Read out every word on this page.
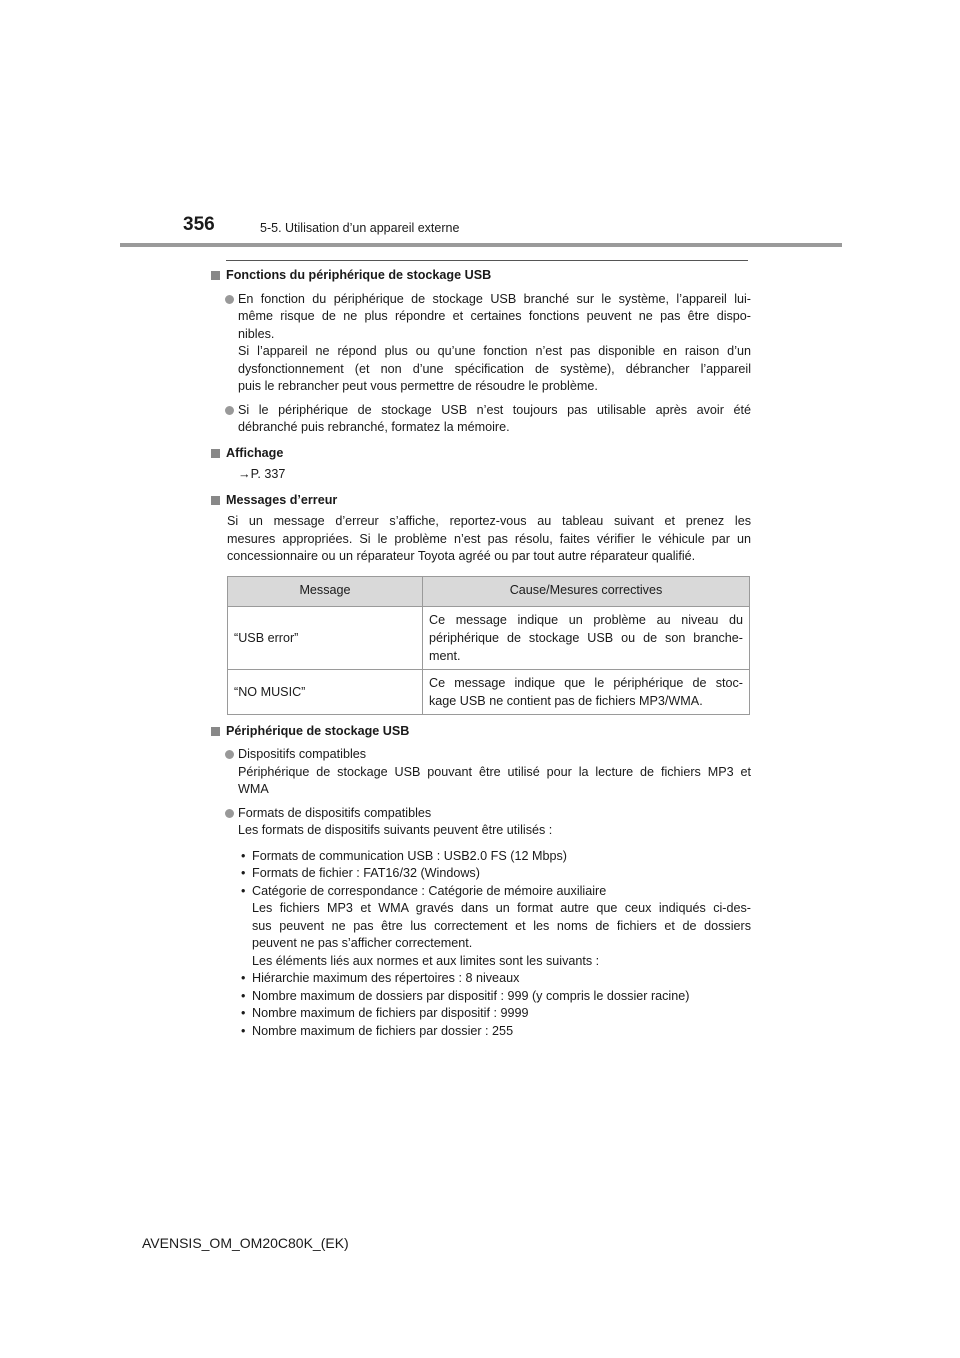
356	5-5. Utilisation d’un appareil externe
Fonctions du périphérique de stockage USB
En fonction du périphérique de stockage USB branché sur le système, l’appareil lui-
même risque de ne plus répondre et certaines fonctions peuvent ne pas être dispo-
nibles.
Si l’appareil ne répond plus ou qu’une fonction n’est pas disponible en raison d’un
dysfonctionnement (et non d’une spécification de système), débrancher l’appareil
puis le rebrancher peut vous permettre de résoudre le problème.
Si le périphérique de stockage USB n’est toujours pas utilisable après avoir été
débranché puis rebranché, formatez la mémoire.
Affichage
→P. 337
Messages d’erreur
Si un message d’erreur s’affiche, reportez-vous au tableau suivant et prenez les
mesures appropriées. Si le problème n’est pas résolu, faites vérifier le véhicule par un
concessionnaire ou un réparateur Toyota agréé ou par tout autre réparateur qualifié.
Message	Cause/Mesures correctives
“USB error”	Ce message indique un problème au niveau du
périphérique de stockage USB ou de son branche-
ment.

“NO MUSIC”	Ce message indique que le périphérique de stoc-
kage USB ne contient pas de fichiers MP3/WMA.
Périphérique de stockage USB
Dispositifs compatibles
Périphérique de stockage USB pouvant être utilisé pour la lecture de fichiers MP3 et
WMA
Formats de dispositifs compatibles
Les formats de dispositifs suivants peuvent être utilisés :
• Formats de communication USB : USB2.0 FS (12 Mbps)
• Formats de fichier : FAT16/32 (Windows)
• Catégorie de correspondance : Catégorie de mémoire auxiliaire
Les fichiers MP3 et WMA gravés dans un format autre que ceux indiqués ci-des-
sus peuvent ne pas être lus correctement et les noms de fichiers et de dossiers
peuvent ne pas s’afficher correctement.
Les éléments liés aux normes et aux limites sont les suivants :
• Hiérarchie maximum des répertoires : 8 niveaux
• Nombre maximum de dossiers par dispositif : 999 (y compris le dossier racine)
• Nombre maximum de fichiers par dispositif : 9999
• Nombre maximum de fichiers par dossier : 255
AVENSIS_OM_OM20C80K_(EK)
